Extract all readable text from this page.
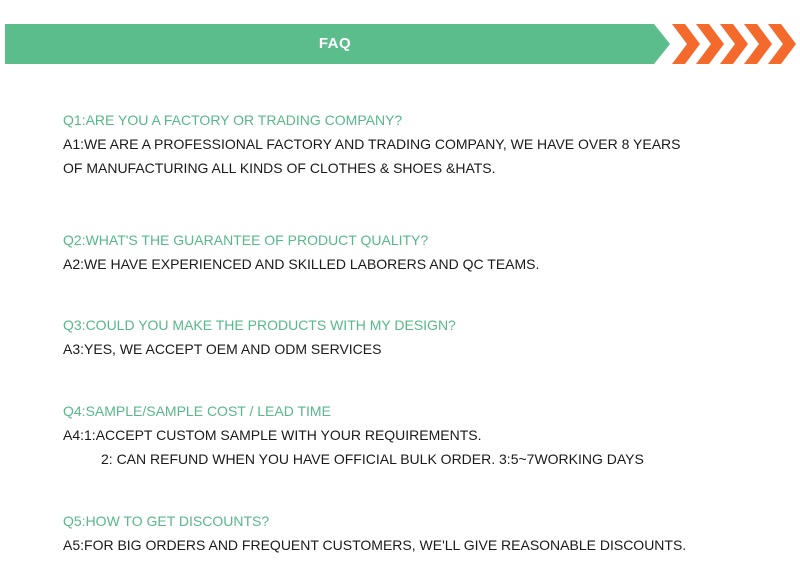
FAQ
Q1:ARE YOU A FACTORY OR TRADING COMPANY?
A1:WE ARE A PROFESSIONAL FACTORY AND TRADING COMPANY, WE HAVE OVER 8 YEARS
OF MANUFACTURING ALL KINDS OF CLOTHES & SHOES &HATS.
Q2:WHAT'S THE GUARANTEE OF PRODUCT QUALITY?
A2:WE HAVE EXPERIENCED AND SKILLED LABORERS AND QC TEAMS.
Q3:COULD YOU MAKE THE PRODUCTS WITH MY DESIGN?
A3:YES, WE ACCEPT OEM AND ODM SERVICES
Q4:SAMPLE/SAMPLE COST / LEAD TIME
A4:1:ACCEPT CUSTOM SAMPLE WITH YOUR REQUIREMENTS.
2: CAN REFUND WHEN YOU HAVE OFFICIAL BULK ORDER. 3:5~7WORKING DAYS
Q5:HOW TO GET DISCOUNTS?
A5:FOR BIG ORDERS AND FREQUENT CUSTOMERS, WE'LL GIVE REASONABLE DISCOUNTS.
